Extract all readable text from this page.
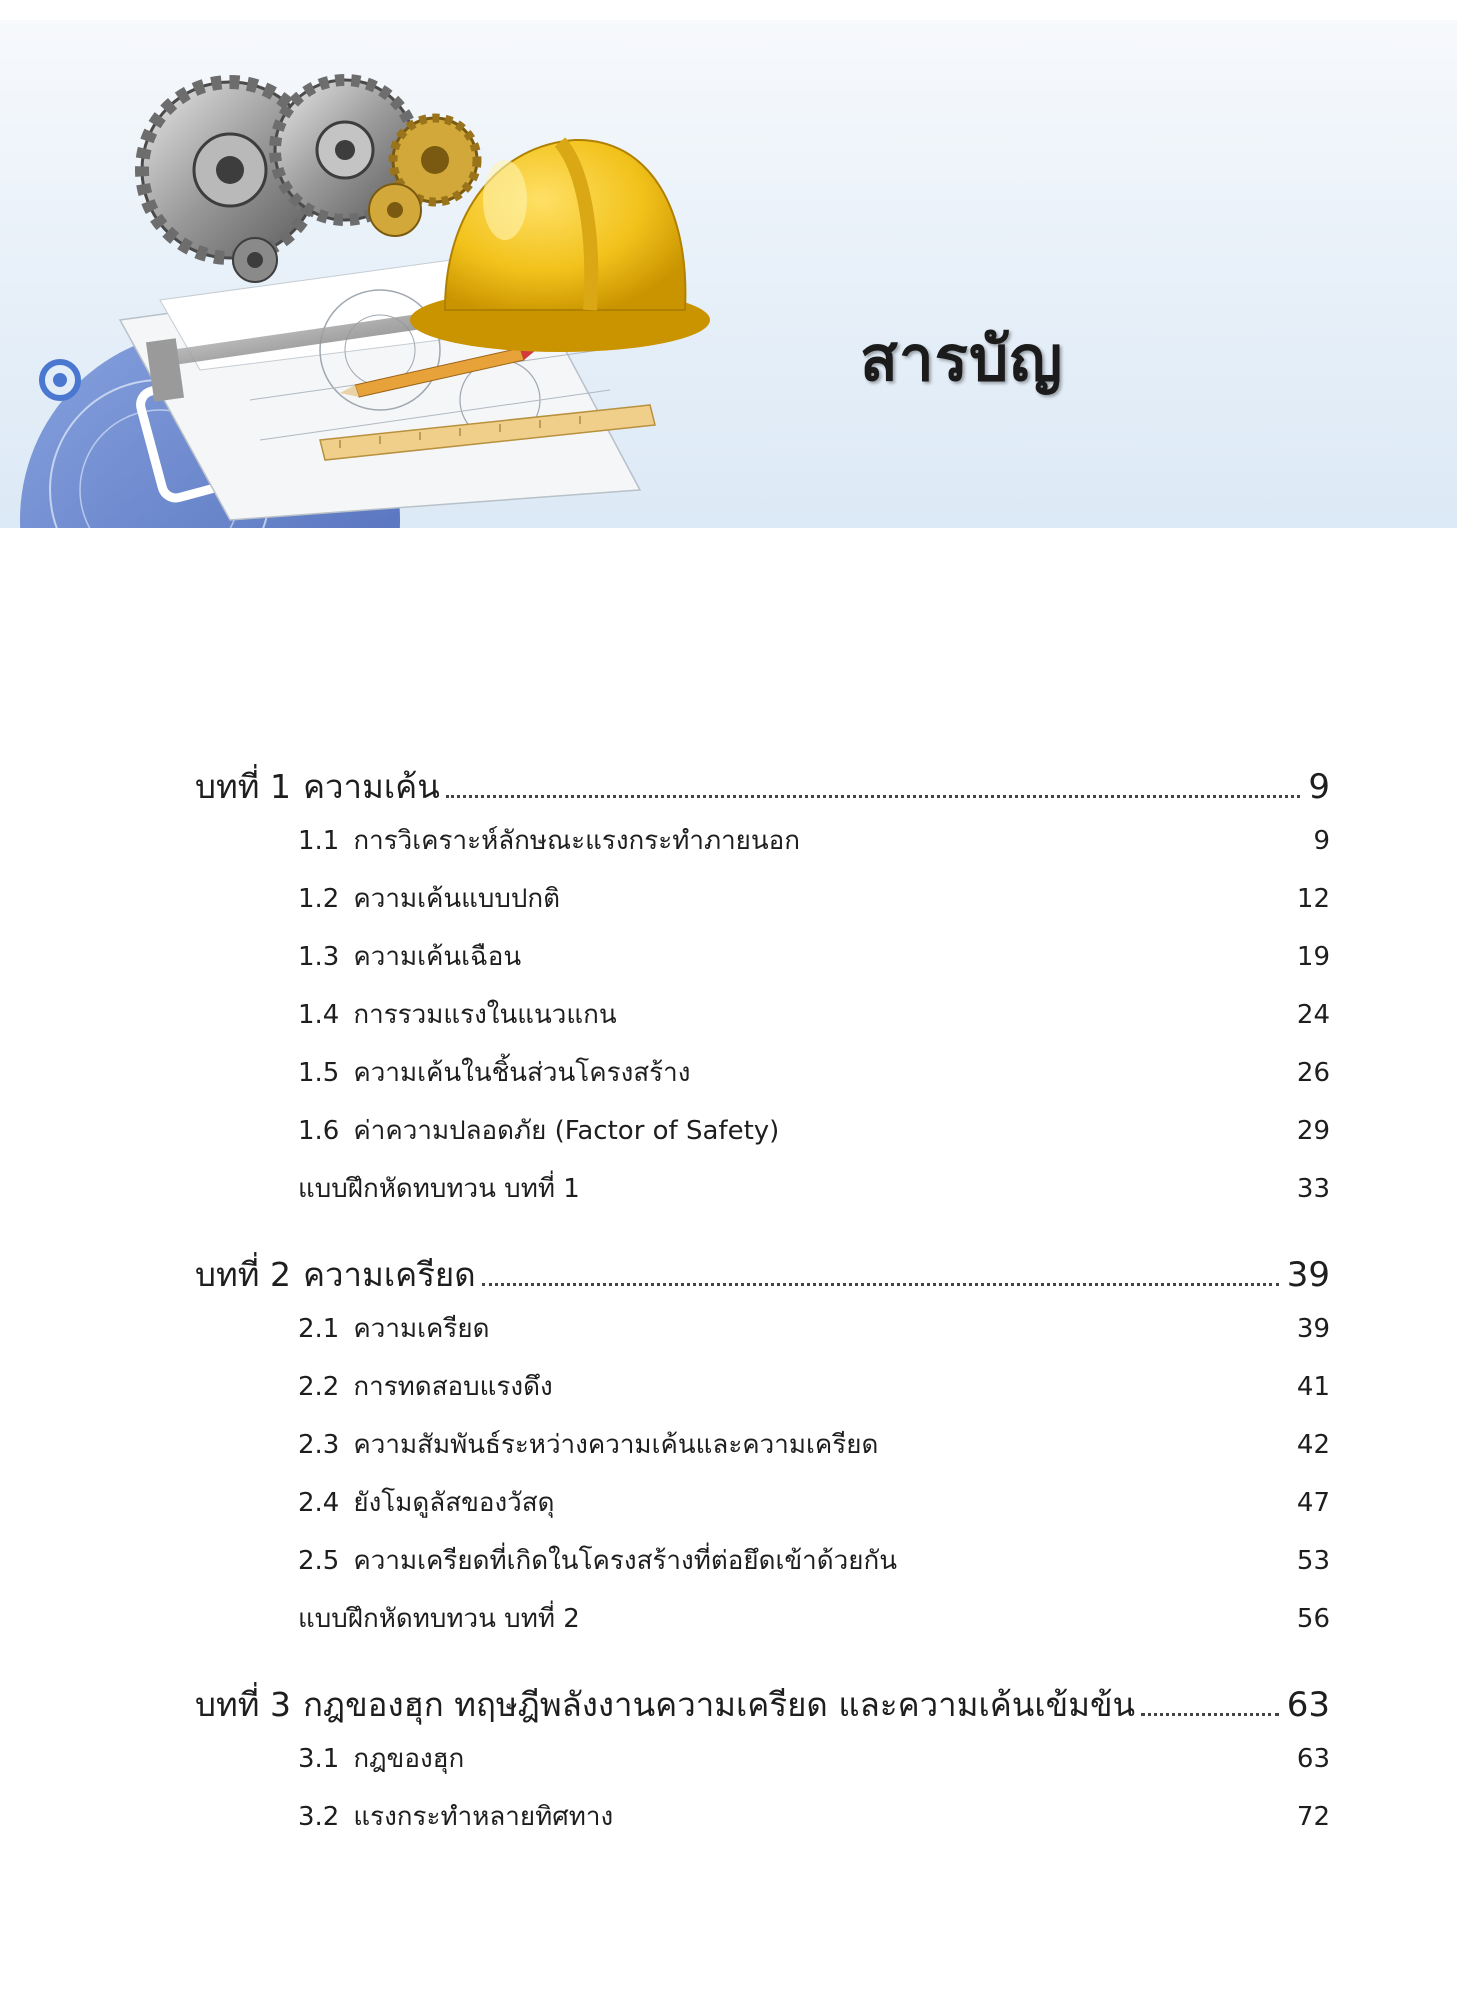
สารบัญ
บทที่ 1 ความเค้น	9
1.1 การวิเคราะห์ลักษณะแรงกระทำภายนอก	9
1.2 ความเค้นแบบปกติ	12
1.3 ความเค้นเฉือน	19
1.4 การรวมแรงในแนวแกน	24
1.5 ความเค้นในชิ้นส่วนโครงสร้าง	26
1.6 ค่าความปลอดภัย (Factor of Safety)	29
แบบฝึกหัดทบทวน บทที่ 1	33
บทที่ 2 ความเครียด	39
2.1 ความเครียด	39
2.2 การทดสอบแรงดึง	41
2.3 ความสัมพันธ์ระหว่างความเค้นและความเครียด	42
2.4 ยังโมดูลัสของวัสดุ	47
2.5 ความเครียดที่เกิดในโครงสร้างที่ต่อยึดเข้าด้วยกัน	53
แบบฝึกหัดทบทวน บทที่ 2	56
บทที่ 3 กฎของฮุก ทฤษฎีพลังงานความเครียด และความเค้นเข้มข้น	63
3.1 กฎของฮุก	63
3.2 แรงกระทำหลายทิศทาง	72
